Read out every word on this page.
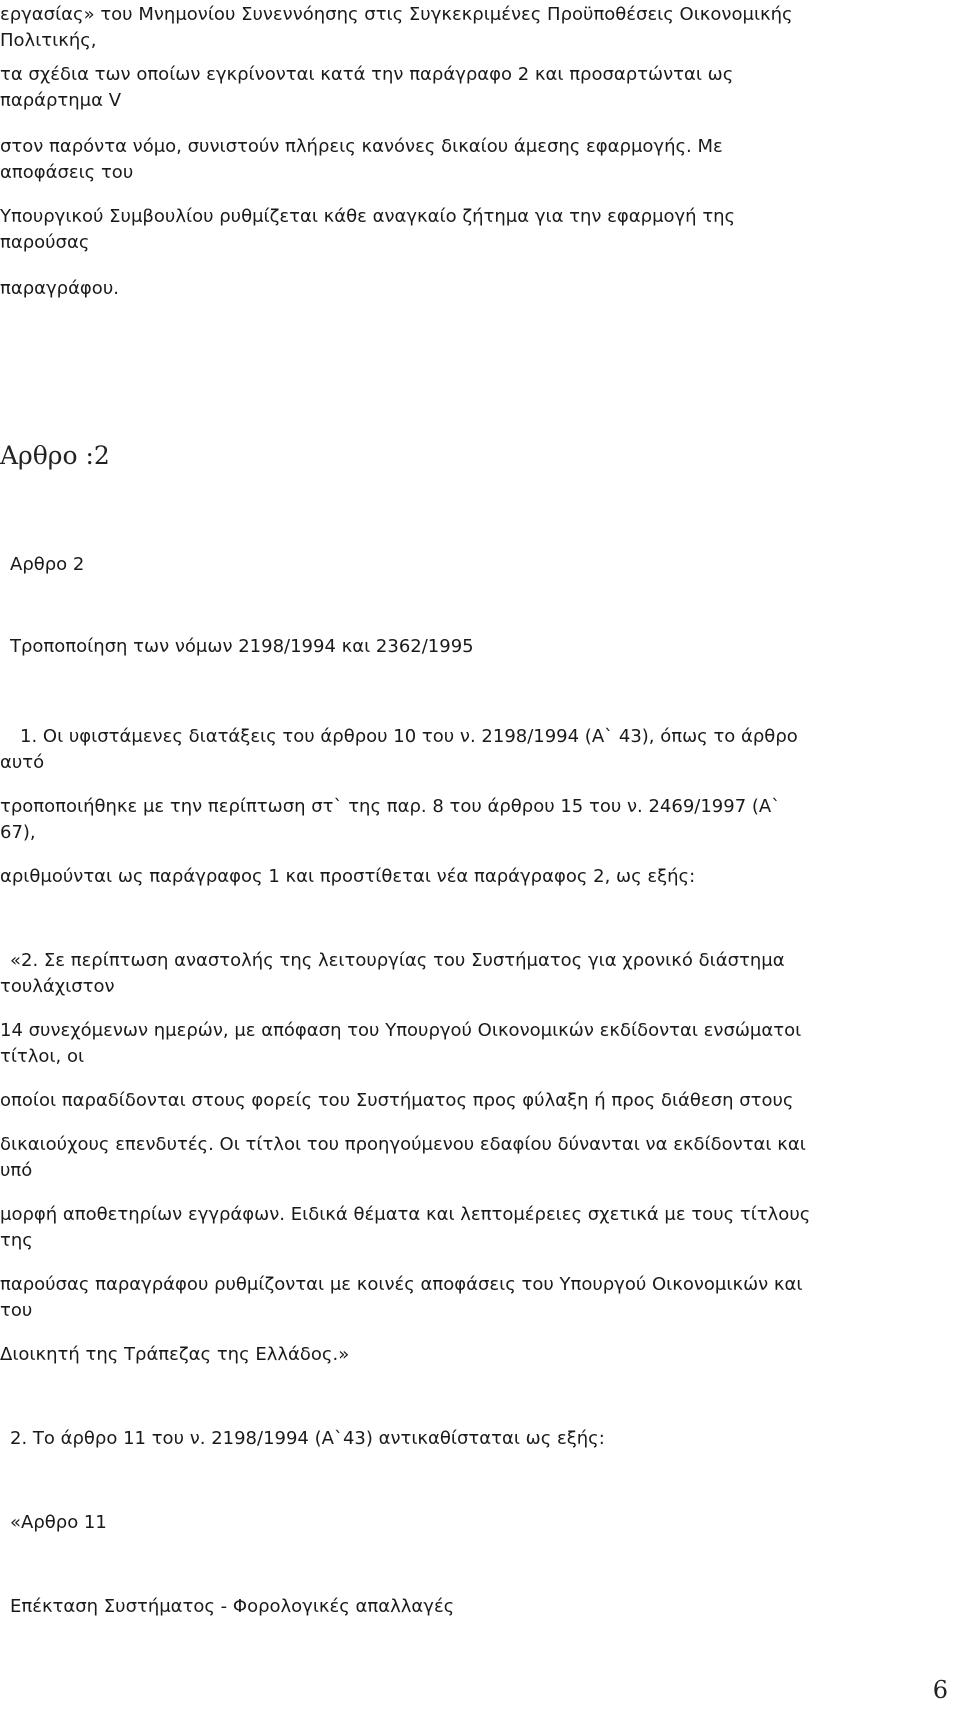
εργασίας» του Μνημονίου Συνεννόησης στις Συγκεκριμένες Προϋποθέσεις Οικονομικής
Πολιτικής,
τα σχέδια των οποίων εγκρίνονται κατά την παράγραφο 2 και προσαρτώνται ως
παράρτημα V
στον παρόντα νόμο, συνιστούν πλήρεις κανόνες δικαίου άμεσης εφαρμογής. Με
αποφάσεις του
Υπουργικού Συμβουλίου ρυθμίζεται κάθε αναγκαίο ζήτημα για την εφαρμογή της
παρούσας
παραγράφου.
Αρθρο :2
Αρθρο 2
Τροποποίηση των νόμων 2198/1994 και 2362/1995
1. Οι υφιστάμενες διατάξεις του άρθρου 10 του ν. 2198/1994 (Α` 43), όπως το άρθρο
αυτό
τροποποιήθηκε με την περίπτωση στ` της παρ. 8 του άρθρου 15 του ν. 2469/1997 (Α`
67),
αριθμούνται ως παράγραφος 1 και προστίθεται νέα παράγραφος 2, ως εξής:
«2. Σε περίπτωση αναστολής της λειτουργίας του Συστήματος για χρονικό διάστημα
τουλάχιστον
14 συνεχόμενων ημερών, με απόφαση του Υπουργού Οικονομικών εκδίδονται ενσώματοι
τίτλοι, οι
οποίοι παραδίδονται στους φορείς του Συστήματος προς φύλαξη ή προς διάθεση στους
δικαιούχους επενδυτές. Οι τίτλοι του προηγούμενου εδαφίου δύνανται να εκδίδονται και
υπό
μορφή αποθετηρίων εγγράφων. Ειδικά θέματα και λεπτομέρειες σχετικά με τους τίτλους
της
παρούσας παραγράφου ρυθμίζονται με κοινές αποφάσεις του Υπουργού Οικονομικών και
του
Διοικητή της Τράπεζας της Ελλάδος.»
2. Το άρθρο 11 του ν. 2198/1994 (Α`43) αντικαθίσταται ως εξής:
«Αρθρο 11
Επέκταση Συστήματος - Φορολογικές απαλλαγές
6
